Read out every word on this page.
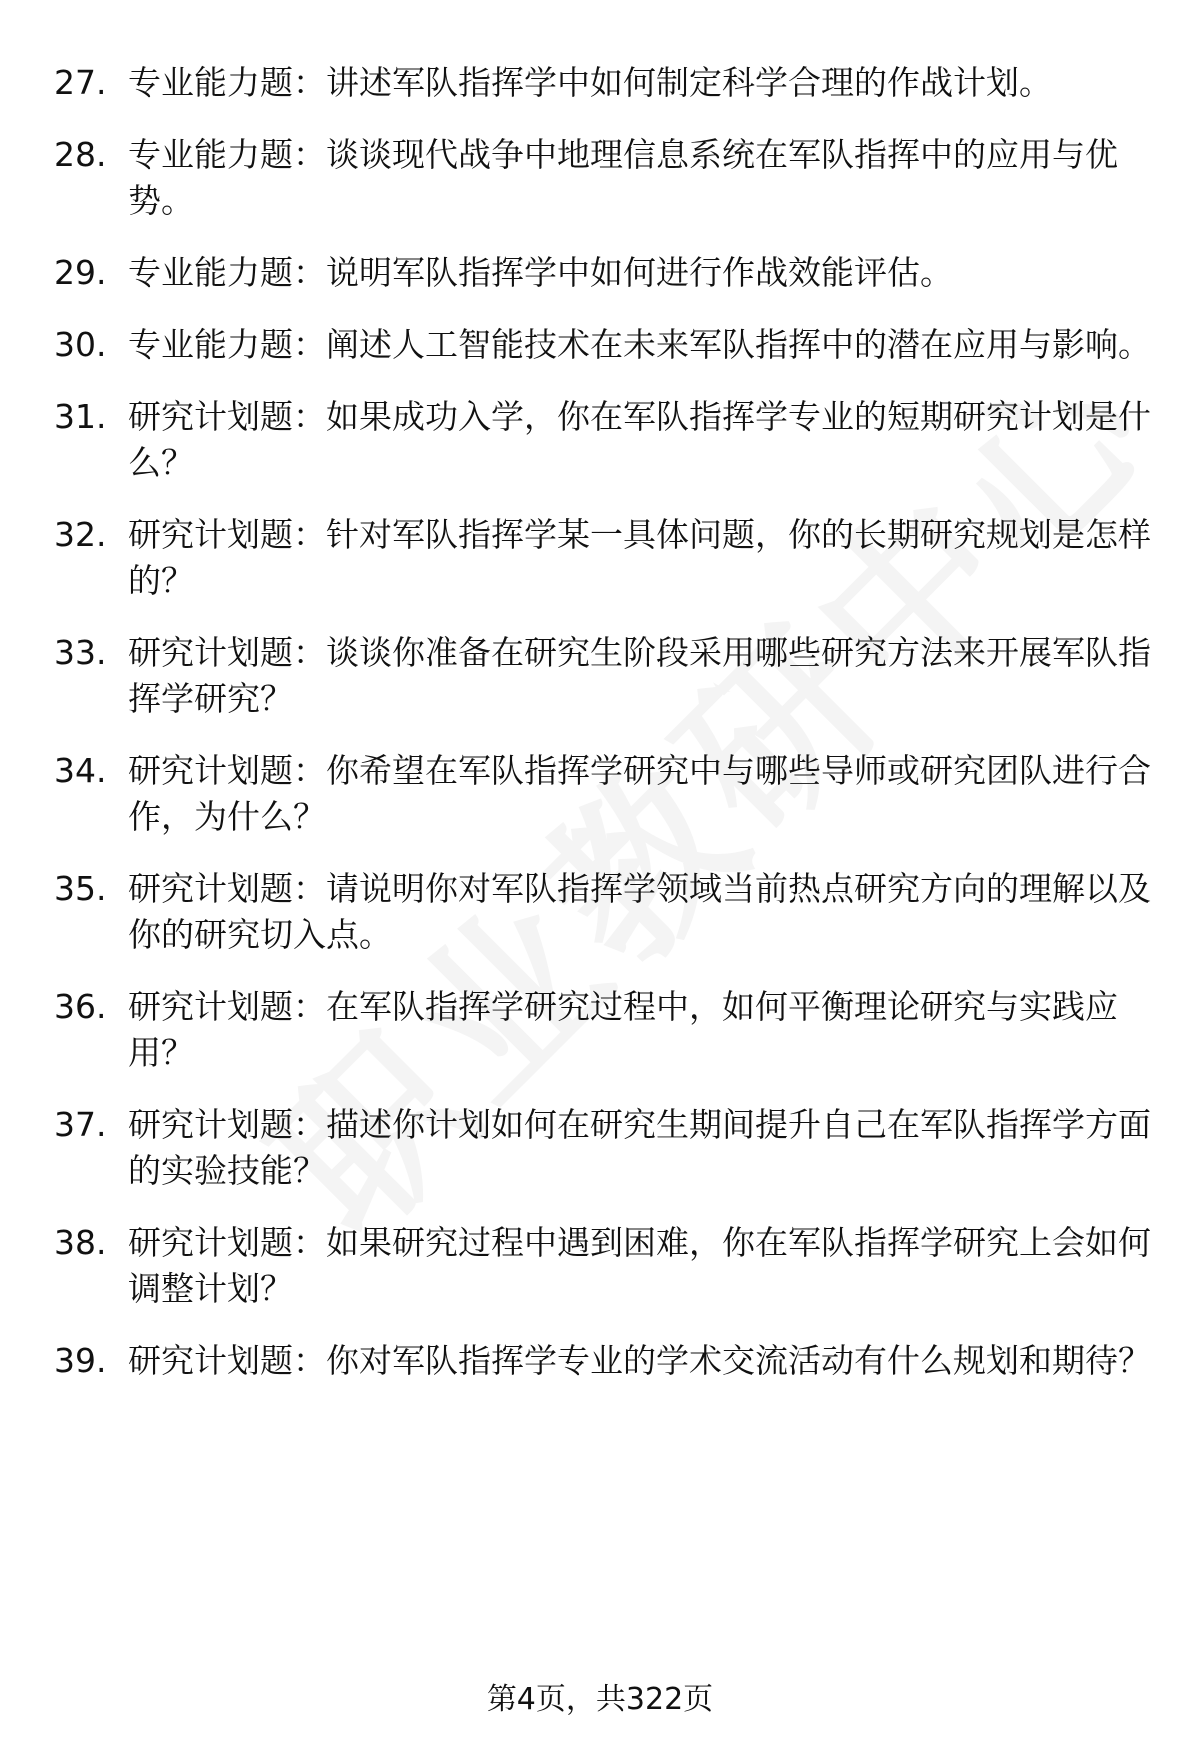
27. 专业能力题：讲述军队指挥学中如何制定科学合理的作战计划。
28. 专业能力题：谈谈现代战争中地理信息系统在军队指挥中的应用与优势。
29. 专业能力题：说明军队指挥学中如何进行作战效能评估。
30. 专业能力题：阐述人工智能技术在未来军队指挥中的潜在应用与影响。
31. 研究计划题：如果成功入学，你在军队指挥学专业的短期研究计划是什么？
32. 研究计划题：针对军队指挥学某一具体问题，你的长期研究规划是怎样的？
33. 研究计划题：谈谈你准备在研究生阶段采用哪些研究方法来开展军队指挥学研究？
34. 研究计划题：你希望在军队指挥学研究中与哪些导师或研究团队进行合作，为什么？
35. 研究计划题：请说明你对军队指挥学领域当前热点研究方向的理解以及你的研究切入点。
36. 研究计划题：在军队指挥学研究过程中，如何平衡理论研究与实践应用？
37. 研究计划题：描述你计划如何在研究生期间提升自己在军队指挥学方面的实验技能？
38. 研究计划题：如果研究过程中遇到困难，你在军队指挥学研究上会如何调整计划？
39. 研究计划题：你对军队指挥学专业的学术交流活动有什么规划和期待？
第4页，共322页
